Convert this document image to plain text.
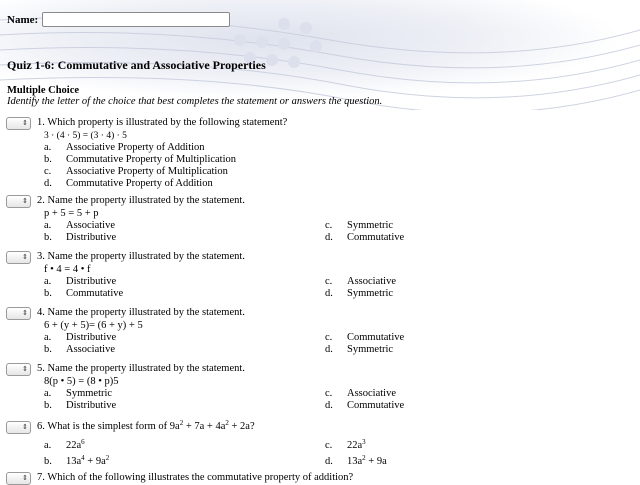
Name:
Quiz 1-6: Commutative and Associative Properties
Multiple Choice
Identify the letter of the choice that best completes the statement or answers the question.
⇕ 1. Which property is illustrated by the following statement?
3 · (4 · 5) = (3 · 4) · 5
a.	Associative Property of Addition
b.	Commutative Property of Multiplication
c.	Associative Property of Multiplication
d.	Commutative Property of Addition
⇕ 2. Name the property illustrated by the statement.
p + 5 = 5 + p
a.	Associative	c.	Symmetric
b.	Distributive	d.	Commutative
⇕ 3. Name the property illustrated by the statement.
f • 4 = 4 • f
a.	Distributive	c.	Associative
b.	Commutative	d.	Symmetric
⇕ 4. Name the property illustrated by the statement.
6 + (y + 5)= (6 + y) + 5
a.	Distributive	c.	Commutative
b.	Associative	d.	Symmetric
⇕ 5. Name the property illustrated by the statement.
8(p • 5) = (8 • p)5
a.	Symmetric	c.	Associative
b.	Distributive	d.	Commutative
⇕ 6. What is the simplest form of $9a^2 + 7a + 4a^2 + 2a$?
a.	$22a^6$	c.	$22a^3$
b.	$13a^4 + 9a^2$	d.	$13a^2 + 9a$
⇕ 7. Which of the following illustrates the commutative property of addition?
